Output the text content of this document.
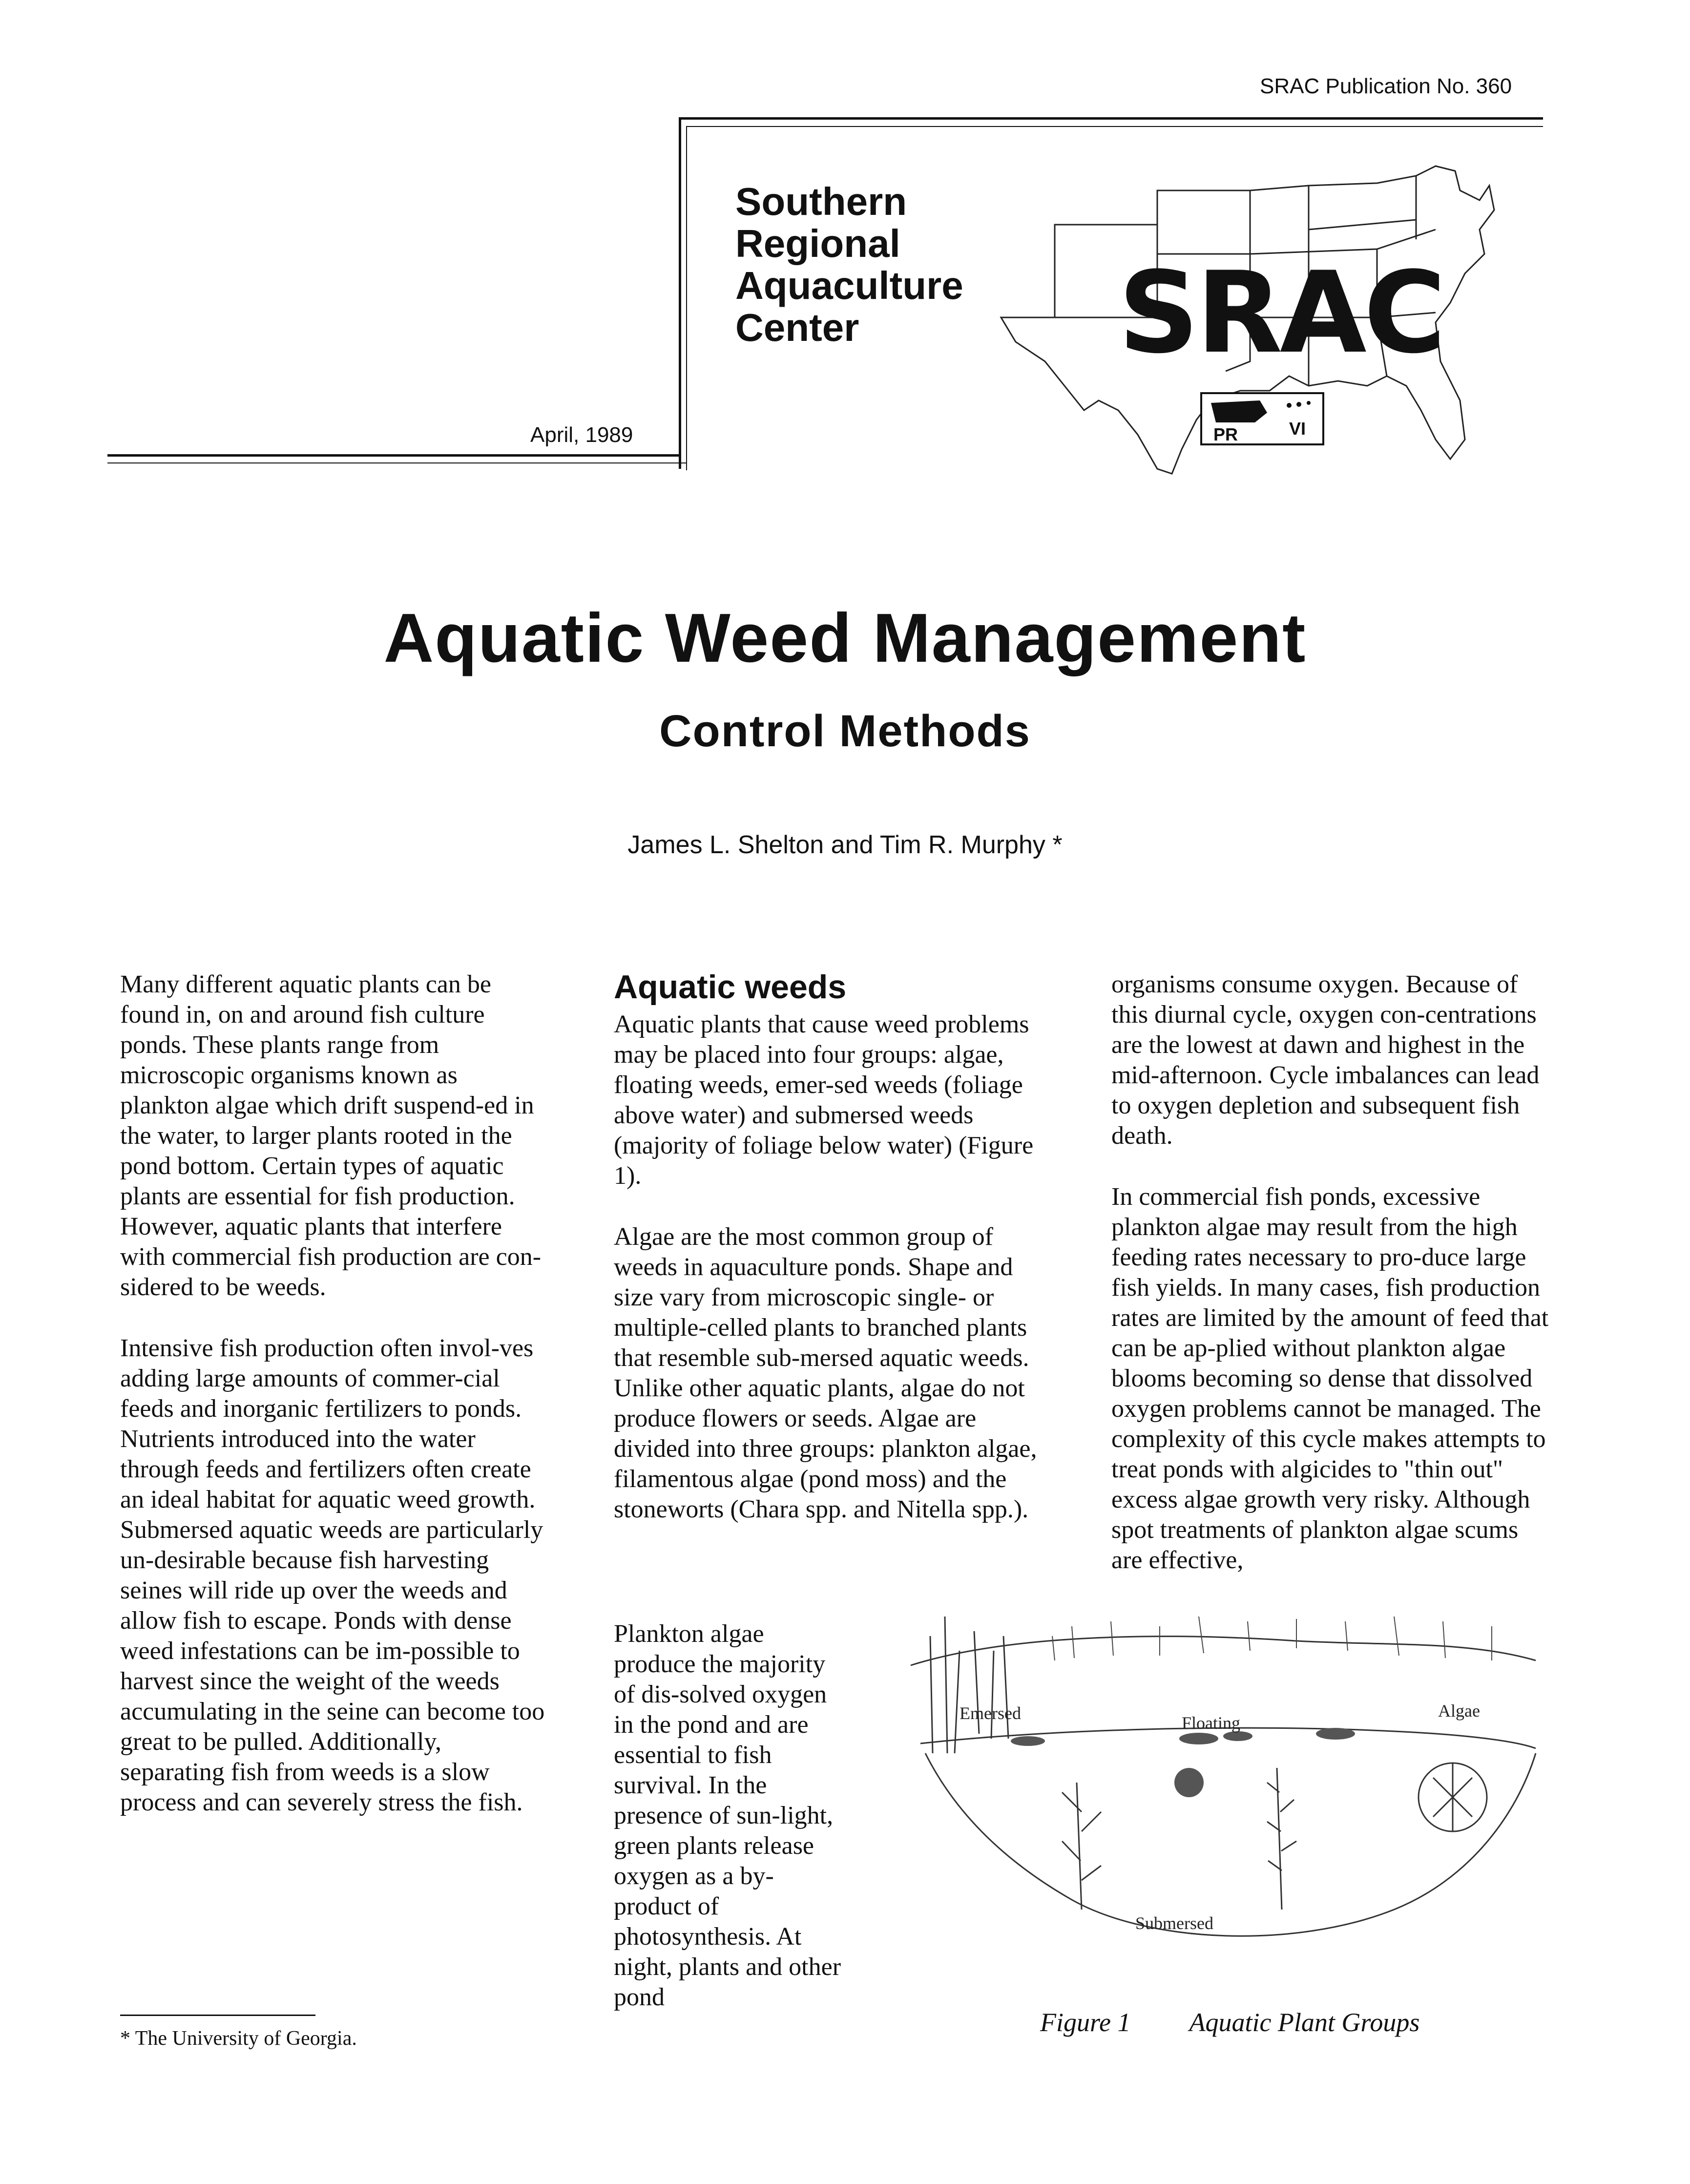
SRAC Publication No. 360
Southern
Regional
Aquaculture
Center
April, 1989
SRAC
PR	VI
Aquatic Weed Management
Control Methods
James L. Shelton and Tim R. Murphy *

Many different aquatic plants can be found in, on and around fish culture ponds. These plants range from microscopic organisms known as plankton algae which drift suspend-ed in the water, to larger plants rooted in the pond bottom. Certain types of aquatic plants are essential for fish production. However, aquatic plants that interfere with commercial fish production are con-sidered to be weeds.

Intensive fish production often invol-ves adding large amounts of commer-cial feeds and inorganic fertilizers to ponds. Nutrients introduced into the water through feeds and fertilizers often create an ideal habitat for aquatic weed growth. Submersed aquatic weeds are particularly un-desirable because fish harvesting seines will ride up over the weeds and allow fish to escape. Ponds with dense weed infestations can be im-possible to harvest since the weight of the weeds accumulating in the seine can become too great to be pulled. Additionally, separating fish from weeds is a slow process and can severely stress the fish.

Aquatic weeds

Aquatic plants that cause weed problems may be placed into four groups: algae, floating weeds, emer-sed weeds (foliage above water) and submersed weeds (majority of foliage below water) (Figure 1).

Algae are the most common group of weeds in aquaculture ponds. Shape and size vary from microscopic single- or multiple-celled plants to branched plants that resemble sub-mersed aquatic weeds. Unlike other aquatic plants, algae do not produce flowers or seeds. Algae are divided into three groups: plankton algae, filamentous algae (pond moss) and the stoneworts (Chara spp. and Nitella spp.).

Plankton algae produce the majority of dis-solved oxygen in the pond and are essential to fish survival. In the presence of sun-light, green plants release oxygen as a by-product of photosynthesis. At night, plants and other pond

organisms consume oxygen. Because of this diurnal cycle, oxygen con-centrations are the lowest at dawn and highest in the mid-afternoon. Cycle imbalances can lead to oxygen depletion and subsequent fish death.

In commercial fish ponds, excessive plankton algae may result from the high feeding rates necessary to pro-duce large fish yields. In many cases, fish production rates are limited by the amount of feed that can be ap-plied without plankton algae blooms becoming so dense that dissolved oxygen problems cannot be managed. The complexity of this cycle makes attempts to treat ponds with algicides to "thin out" excess algae growth very risky. Although spot treatments of plankton algae scums are effective,

Emersed	Floating
Algae
Submersed
Figure 1 Aquatic Plant Groups
* The University of Georgia.
